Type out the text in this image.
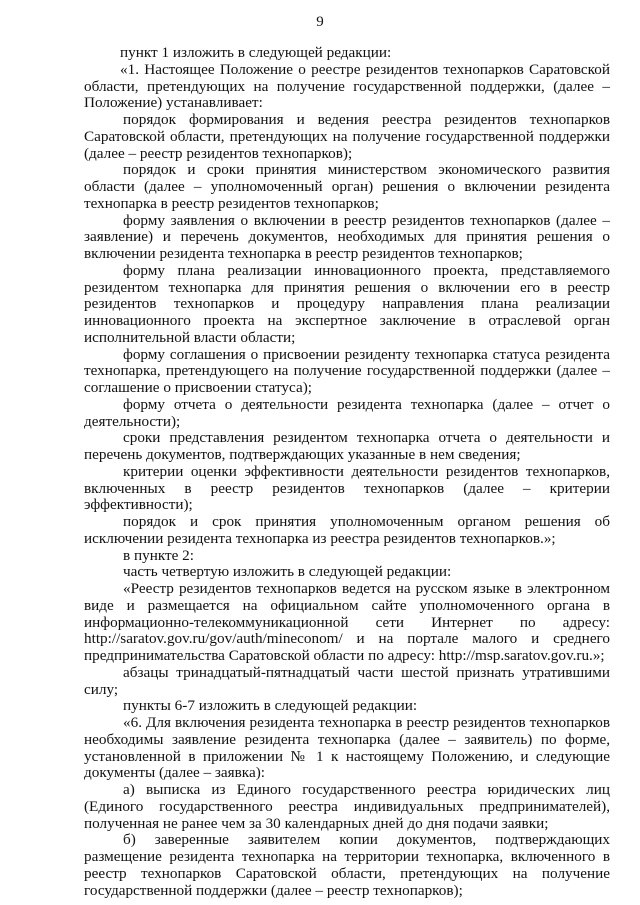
9

пункт 1 изложить в следующей редакции:

«1. Настоящее Положение о реестре резидентов технопарков Саратовской области, претендующих на получение государственной поддержки, (далее – Положение) устанавливает:

порядок формирования и ведения реестра резидентов технопарков Саратовской области, претендующих на получение государственной поддержки (далее – реестр резидентов технопарков);

порядок и сроки принятия министерством экономического развития области (далее – уполномоченный орган) решения о включении резидента технопарка в реестр резидентов технопарков;

форму заявления о включении в реестр резидентов технопарков (далее – заявление) и перечень документов, необходимых для принятия решения о включении резидента технопарка в реестр резидентов технопарков;

форму плана реализации инновационного проекта, представляемого резидентом технопарка для принятия решения о включении его в реестр резидентов технопарков и процедуру направления плана реализации инновационного проекта на экспертное заключение в отраслевой орган исполнительной власти области;

форму соглашения о присвоении резиденту технопарка статуса резидента технопарка, претендующего на получение государственной поддержки (далее – соглашение о присвоении статуса);

форму отчета о деятельности резидента технопарка (далее – отчет о деятельности);

сроки представления резидентом технопарка отчета о деятельности и перечень документов, подтверждающих указанные в нем сведения;

критерии оценки эффективности деятельности резидентов технопарков, включенных в реестр резидентов технопарков (далее – критерии эффективности);

порядок и срок принятия уполномоченным органом решения об исключении резидента технопарка из реестра резидентов технопарков.»;

в пункте 2:

часть четвертую изложить в следующей редакции:

«Реестр резидентов технопарков ведется на русском языке в электронном виде и размещается на официальном сайте уполномоченного органа в информационно-телекоммуникационной сети Интернет по адресу: http://saratov.gov.ru/gov/auth/mineconom/ и на портале малого и среднего предпринимательства Саратовской области по адресу: http://msp.saratov.gov.ru.»;

абзацы тринадцатый-пятнадцатый части шестой признать утратившими силу;

пункты 6-7 изложить в следующей редакции:

«6. Для включения резидента технопарка в реестр резидентов технопарков необходимы заявление резидента технопарка (далее – заявитель) по форме, установленной в приложении № 1 к настоящему Положению, и следующие документы (далее – заявка):

а) выписка из Единого государственного реестра юридических лиц (Единого государственного реестра индивидуальных предпринимателей), полученная не ранее чем за 30 календарных дней до дня подачи заявки;

б) заверенные заявителем копии документов, подтверждающих размещение резидента технопарка на территории технопарка, включенного в реестр технопарков Саратовской области, претендующих на получение государственной поддержки (далее – реестр технопарков);
